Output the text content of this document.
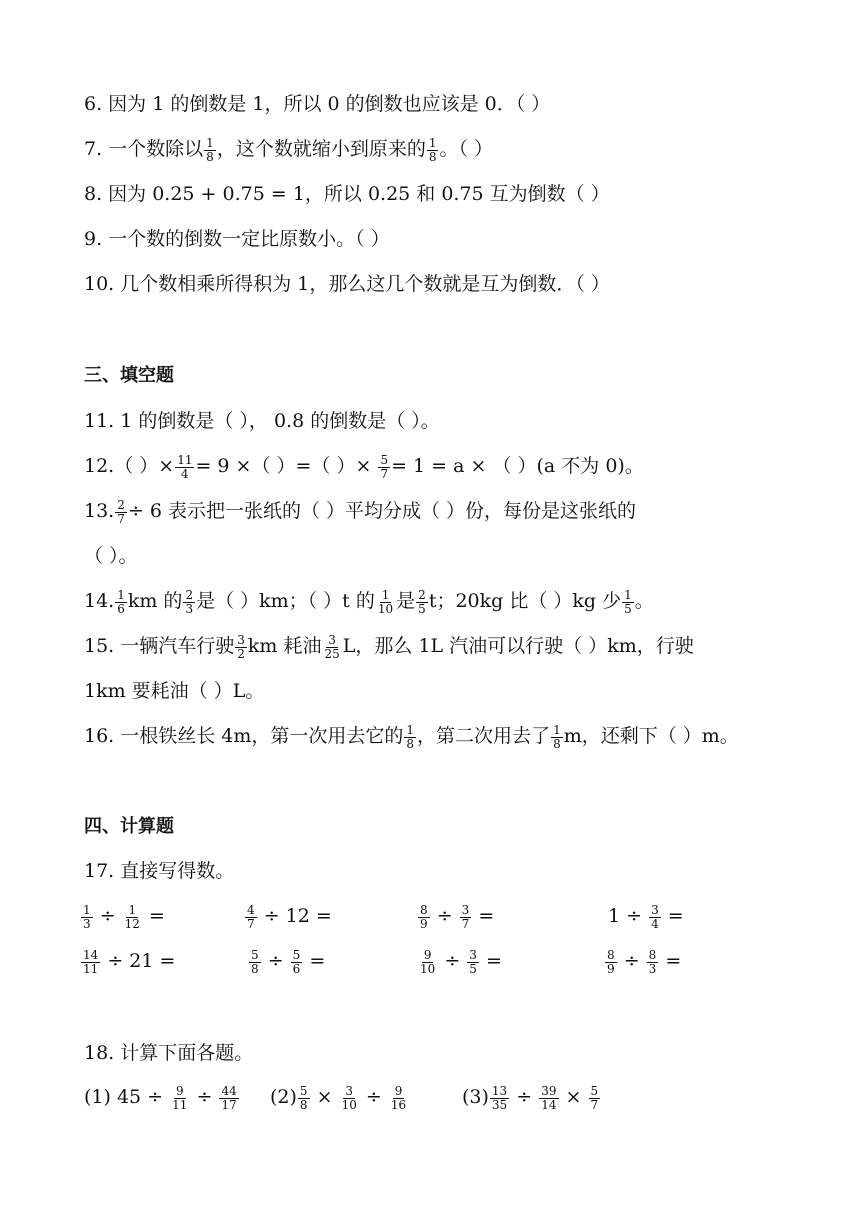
6. 因为 1 的倒数是 1，所以 0 的倒数也应该是 0．（ ）
7. 一个数除以 $\frac{1}{8}$ ，这个数就缩小到原来的 $\frac{1}{8}$ 。（ ）
8. 因为 0.25 + 0.75 = 1，所以 0.25 和 0.75 互为倒数（ ）
9. 一个数的倒数一定比原数小。（ ）
10. 几个数相乘所得积为 1，那么这几个数就是互为倒数．（ ）
三、填空题
11. 1 的倒数是（ ）， 0.8 的倒数是（ ）。
12.（ ）× $\frac{11}{4} = 9$ ×（ ）=（ ）× $\frac{5}{7} = 1 = a$ × （ ）(a 不为 0)。
13. $\frac{2}{7} \div 6$ 表示把一张纸的（ ）平均分成（ ）份，每份是这张纸的
（ ）。
14. $\frac{1}{6}$ km 的 $\frac{2}{3}$ 是（ ）km；（ ）t 的 $\frac{1}{10}$ 是 $\frac{2}{5}$ t；20kg 比（ ）kg 少 $\frac{1}{5}$ 。
15. 一辆汽车行驶 $\frac{3}{2}$ km 耗油 $\frac{3}{25}$ L，那么 1L 汽油可以行驶（ ）km，行驶
1km 要耗油（ ）L。
16. 一根铁丝长 4m，第一次用去它的 $\frac{1}{8}$ ，第二次用去了 $\frac{1}{8}$ m，还剩下（ ）m。
四、计算题
17. 直接写得数。
$\frac{1}{3} \div \frac{1}{12}$ =	$\frac{4}{7} \div 12$ =	$\frac{8}{9} \div \frac{3}{7}$ =	$1 \div \frac{3}{4}$ =
$\frac{14}{11} \div 21$ =	$\frac{5}{8} \div \frac{5}{6}$ =	$\frac{9}{10} \div \frac{3}{5}$ =	$\frac{8}{9} \div \frac{8}{3}$ =
18. 计算下面各题。
(1) $45 \div \frac{9}{11} \div \frac{44}{17} (2) \frac{5}{8} \times \frac{3}{10} \div \frac{9}{16}$	$(3) \frac{13}{35} \div \frac{39}{14} \times \frac{5}{7}$
